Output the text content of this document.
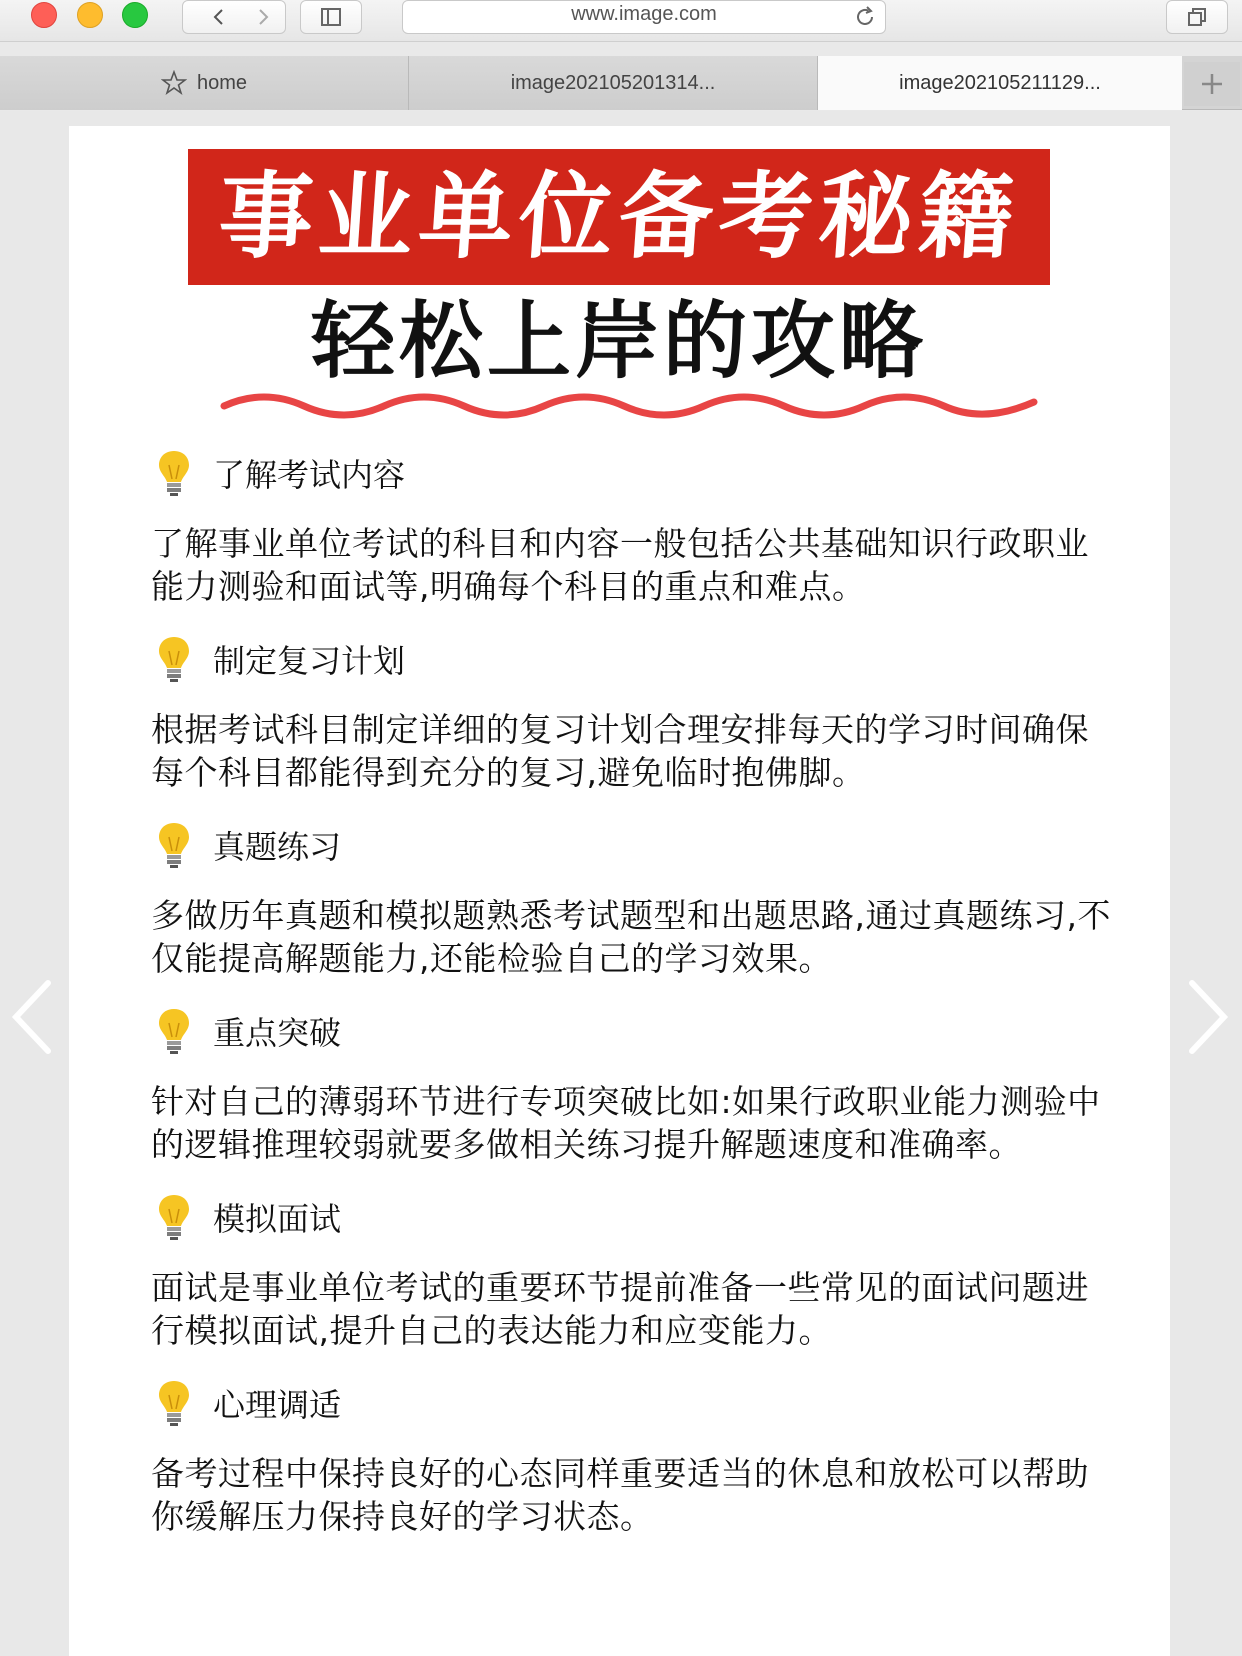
www.image.com
home	image202105201314...	image202105211129...
事业单位备考秘籍
轻松上岸的攻略
了解考试内容
了解事业单位考试的科目和内容一般包括公共基础知识行政职业能力测验和面试等,明确每个科目的重点和难点。
制定复习计划
根据考试科目制定详细的复习计划合理安排每天的学习时间确保每个科目都能得到充分的复习,避免临时抱佛脚。
真题练习
多做历年真题和模拟题熟悉考试题型和出题思路,通过真题练习,不仅能提高解题能力,还能检验自己的学习效果。
重点突破
针对自己的薄弱环节进行专项突破比如:如果行政职业能力测验中的逻辑推理较弱就要多做相关练习提升解题速度和准确率。
模拟面试
面试是事业单位考试的重要环节提前准备一些常见的面试问题进行模拟面试,提升自己的表达能力和应变能力。
心理调适
备考过程中保持良好的心态同样重要适当的休息和放松可以帮助你缓解压力保持良好的学习状态。
